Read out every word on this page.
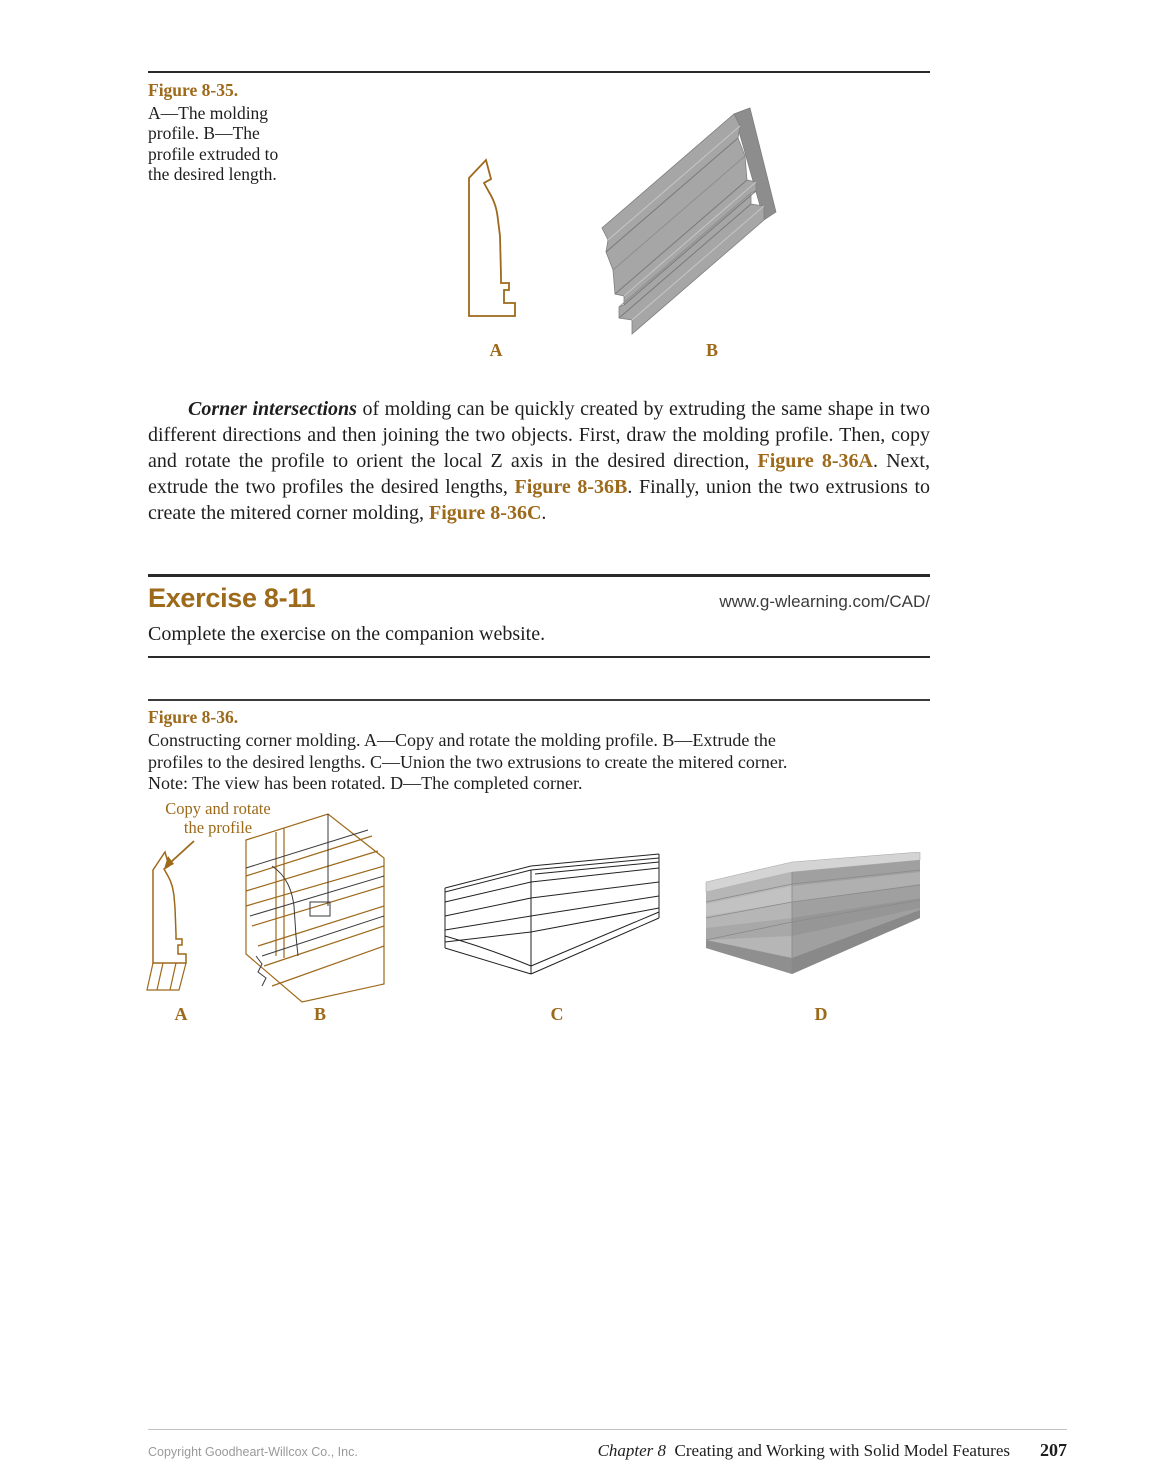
Figure 8-35.
A—The molding
profile. B—The
profile extruded to
the desired length.
A	B

Corner intersections of molding can be quickly created by extruding the same shape in two different directions and then joining the two objects. First, draw the molding profile. Then, copy and rotate the profile to orient the local Z axis in the desired direction, Figure 8-36A. Next, extrude the two profiles the desired lengths, Figure 8-36B. Finally, union the two extrusions to create the mitered corner molding, Figure 8-36C.

Exercise 8-11	www.g-wlearning.com/CAD/
Complete the exercise on the companion website.
Figure 8-36.
Constructing corner molding. A—Copy and rotate the molding profile. B—Extrude the
profiles to the desired lengths. C—Union the two extrusions to create the mitered corner.
Note: The view has been rotated. D—The completed corner.
Copy and rotate
the profile
A	B	C	D
Copyright Goodheart-Willcox Co., Inc.	Chapter 8 Creating and Working with Solid Model Features 207
